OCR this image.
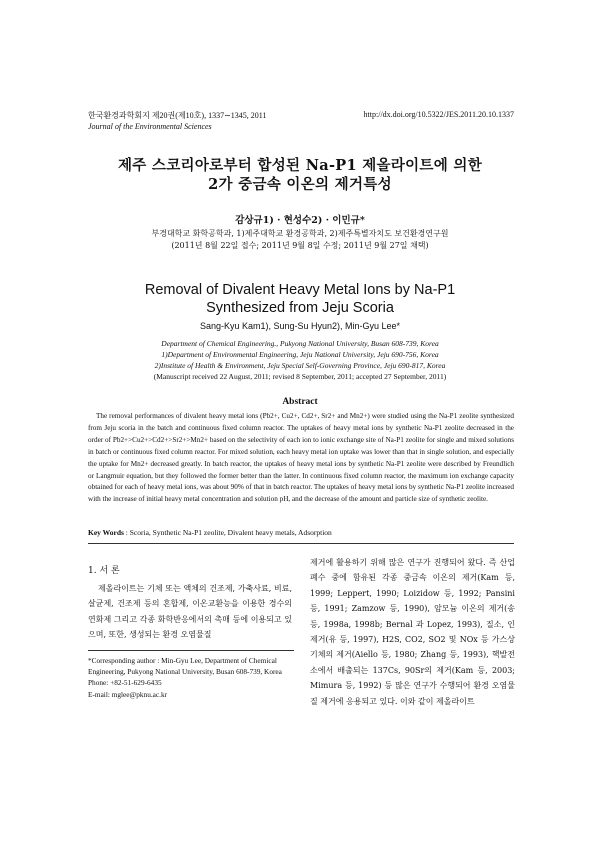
한국환경과학회지 제20권(제10호), 1337∼1345, 2011
Journal of the Environmental Sciences
http://dx.doi.org/10.5322/JES.2011.20.10.1337
제주 스코리아로부터 합성된 Na-P1 제올라이트에 의한
2가 중금속 이온의 제거특성
감상규1) · 현성수2) · 이민규*
부경대학교 화학공학과, 1)제주대학교 환경공학과, 2)제주특별자치도 보건환경연구원
(2011년 8월 22일 접수; 2011년 9월 8일 수정; 2011년 9월 27일 채택)
Removal of Divalent Heavy Metal Ions by Na-P1
Synthesized from Jeju Scoria
Sang-Kyu Kam1), Sung-Su Hyun2), Min-Gyu Lee*
Department of Chemical Engineering., Pukyong National University, Busan 608-739, Korea
1)Department of Environmental Engineering, Jeju National University, Jeju 690-756, Korea
2)Institute of Health & Environment, Jeju Special Self-Governing Province, Jeju 690-817, Korea
(Manuscript received 22 August, 2011; revised 8 September, 2011; accepted 27 September, 2011)
Abstract
The removal performances of divalent heavy metal ions (Pb2+, Cu2+, Cd2+, Sr2+ and Mn2+) were studied using the Na-P1 zeolite synthesized from Jeju scoria in the batch and continuous fixed column reactor. The uptakes of heavy metal ions by synthetic Na-P1 zeolite decreased in the order of Pb2+>Cu2+>Cd2+>Sr2+>Mn2+ based on the selectivity of each ion to ionic exchange site of Na-P1 zeolite for single and mixed solutions in batch or continuous fixed column reactor. For mixed solution, each heavy metal ion uptake was lower than that in single solution, and especially the uptake for Mn2+ decreased greatly. In batch reactor, the uptakes of heavy metal ions by synthetic Na-P1 zeolite were described by Freundlich or Langmuir equation, but they followed the former better than the latter. In continuous fixed column reactor, the maximum ion exchange capacity obtained for each of heavy metal ions, was about 90% of that in batch reactor. The uptakes of heavy metal ions by synthetic Na-P1 zeolite increased with the increase of initial heavy metal concentration and solution pH, and the decrease of the amount and particle size of synthetic zeolite.
Key Words : Scoria, Synthetic Na-P1 zeolite, Divalent heavy metals, Adsorption
1. 서 론
제올라이트는 기체 또는 액체의 건조제, 가축사료, 비료, 살균제, 건조제 등의 혼합제, 이온교환능을 이용한 경수의 연화제 그리고 각종 화학반응에서의 촉매 등에 이용되고 있으며, 또한, 생성되는 환경 오염물질
*Corresponding author : Min-Gyu Lee, Department of Chemical Engineering, Pukyong National University, Busan 608-739, Korea
Phone: +82-51-629-6435
E-mail: mglee@pknu.ac.kr
제거에 활용하기 위해 많은 연구가 진행되어 왔다. 즉 산업폐수 중에 함유된 각종 중금속 이온의 제거(Kam 등, 1999; Leppert, 1990; Loizidow 등, 1992; Pansini 등, 1991; Zamzow 등, 1990), 암모늄 이온의 제거(송 등, 1998a, 1998b; Bernal 과 Lopez, 1993), 질소, 인 제거(유 등, 1997), H2S, CO2, SO2 및 NOx 등 가스상 기체의 제거(Aiello 등, 1980; Zhang 등, 1993), 핵발전소에서 배출되는 137Cs, 90Sr의 제거(Kam 등, 2003; Mimura 등, 1992) 등 많은 연구가 수행되어 환경 오염물질 제거에 응용되고 있다. 이와 같이 제올라이트
